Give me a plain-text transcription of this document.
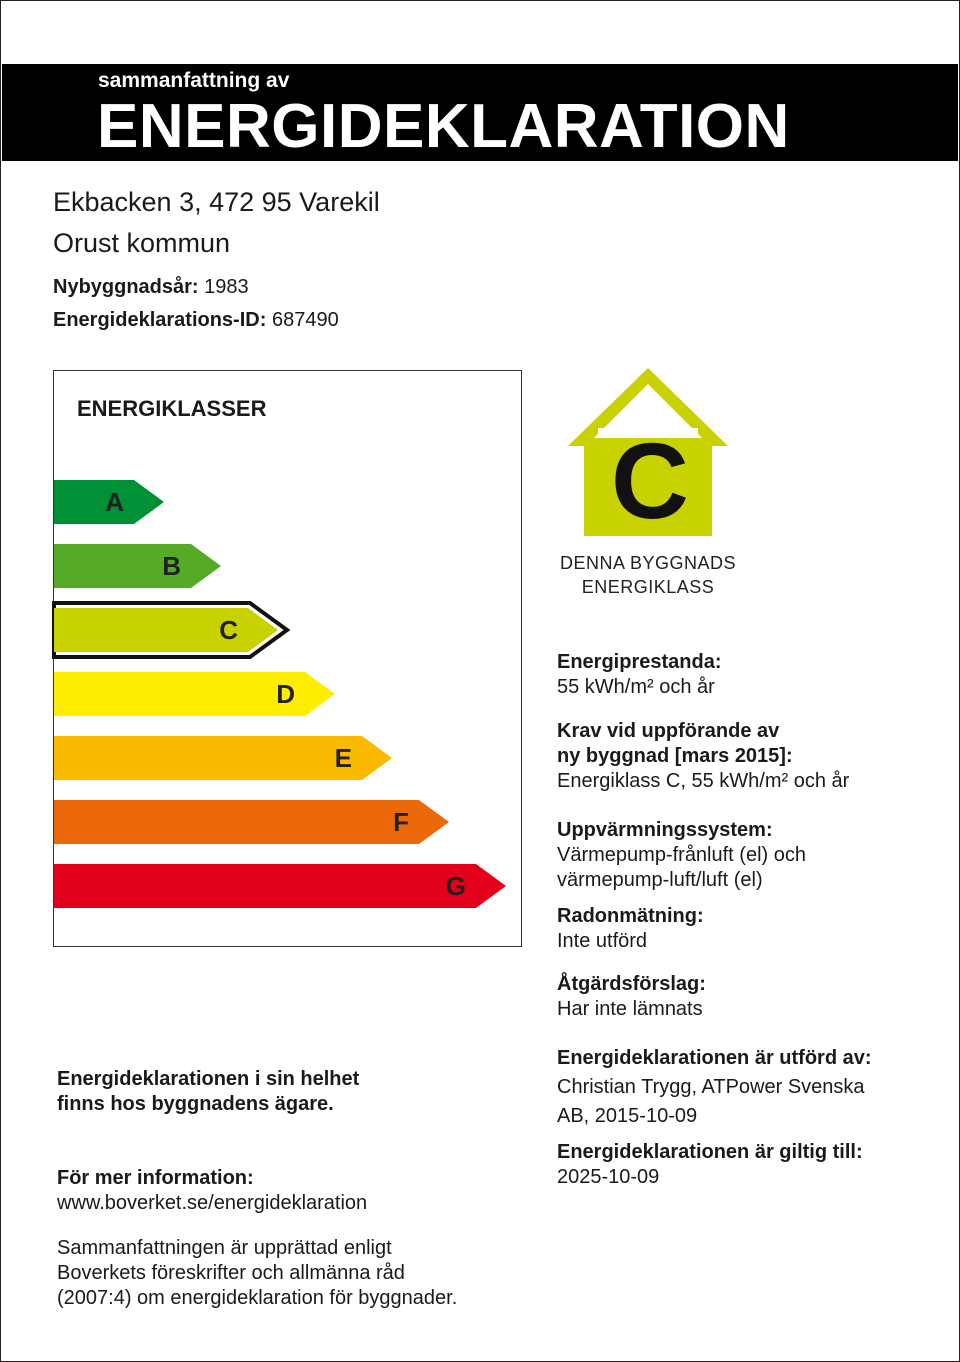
sammanfattning av
ENERGIDEKLARATION
Ekbacken 3, 472 95 Varekil
Orust kommun
Nybyggnadsår: 1983
Energideklarations-ID: 687490
ENERGIKLASSER
A
B
C
D
E
F
G
C
DENNA BYGGNADS
ENERGIKLASS
Energiprestanda:
55 kWh/m² och år
Krav vid uppförande av
ny byggnad [mars 2015]:
Energiklass C, 55 kWh/m² och år
Uppvärmningssystem:
Värmepump-frånluft (el) och
värmepump-luft/luft (el)
Radonmätning:
Inte utförd
Åtgärdsförslag:
Har inte lämnats
Energideklarationen är utförd av:
Christian Trygg, ATPower Svenska
AB, 2015-10-09
Energideklarationen är giltig till:
2025-10-09
Energideklarationen i sin helhet
finns hos byggnadens ägare.
För mer information:
www.boverket.se/energideklaration
Sammanfattningen är upprättad enligt
Boverkets föreskrifter och allmänna råd
(2007:4) om energideklaration för byggnader.
